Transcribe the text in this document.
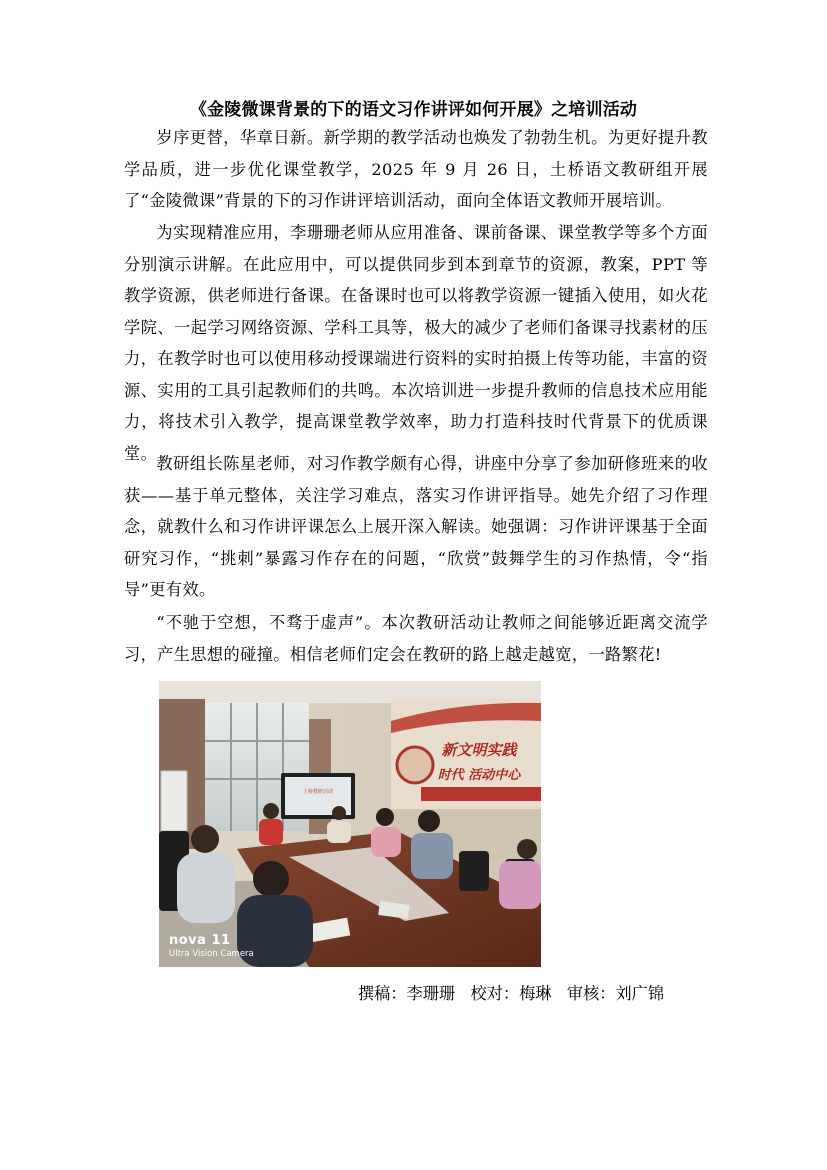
《金陵微课背景的下的语文习作讲评如何开展》之培训活动

岁序更替，华章日新。新学期的教学活动也焕发了勃勃生机。为更好提升教学品质，进一步优化课堂教学，2025 年 9 月 26 日，土桥语文教研组开展了“金陵微课”背景的下的习作讲评培训活动，面向全体语文教师开展培训。

为实现精准应用，李珊珊老师从应用准备、课前备课、课堂教学等多个方面分别演示讲解。在此应用中，可以提供同步到本到章节的资源，教案，PPT 等教学资源，供老师进行备课。在备课时也可以将教学资源一键插入使用，如火花学院、一起学习网络资源、学科工具等，极大的减少了老师们备课寻找素材的压力，在教学时也可以使用移动授课端进行资料的实时拍摄上传等功能，丰富的资源、实用的工具引起教师们的共鸣。本次培训进一步提升教师的信息技术应用能力，将技术引入教学，提高课堂教学效率，助力打造科技时代背景下的优质课堂。

教研组长陈星老师，对习作教学颇有心得，讲座中分享了参加研修班来的收获——基于单元整体，关注学习难点，落实习作讲评指导。她先介绍了习作理念，就教什么和习作讲评课怎么上展开深入解读。她强调：习作讲评课基于全面研究习作，“挑刺”暴露习作存在的问题，“欣赏”鼓舞学生的习作热情，令“指导”更有效。

“不驰于空想，不骛于虚声”。本次教研活动让教师之间能够近距离交流学习，产生思想的碰撞。相信老师们定会在教研的路上越走越宽，一路繁花!

土桥教研活动
新文明实践
时代 活动中心
nova 11
Ultra Vision Camera
撰稿：李珊珊   校对：梅琳   审核：刘广锦
